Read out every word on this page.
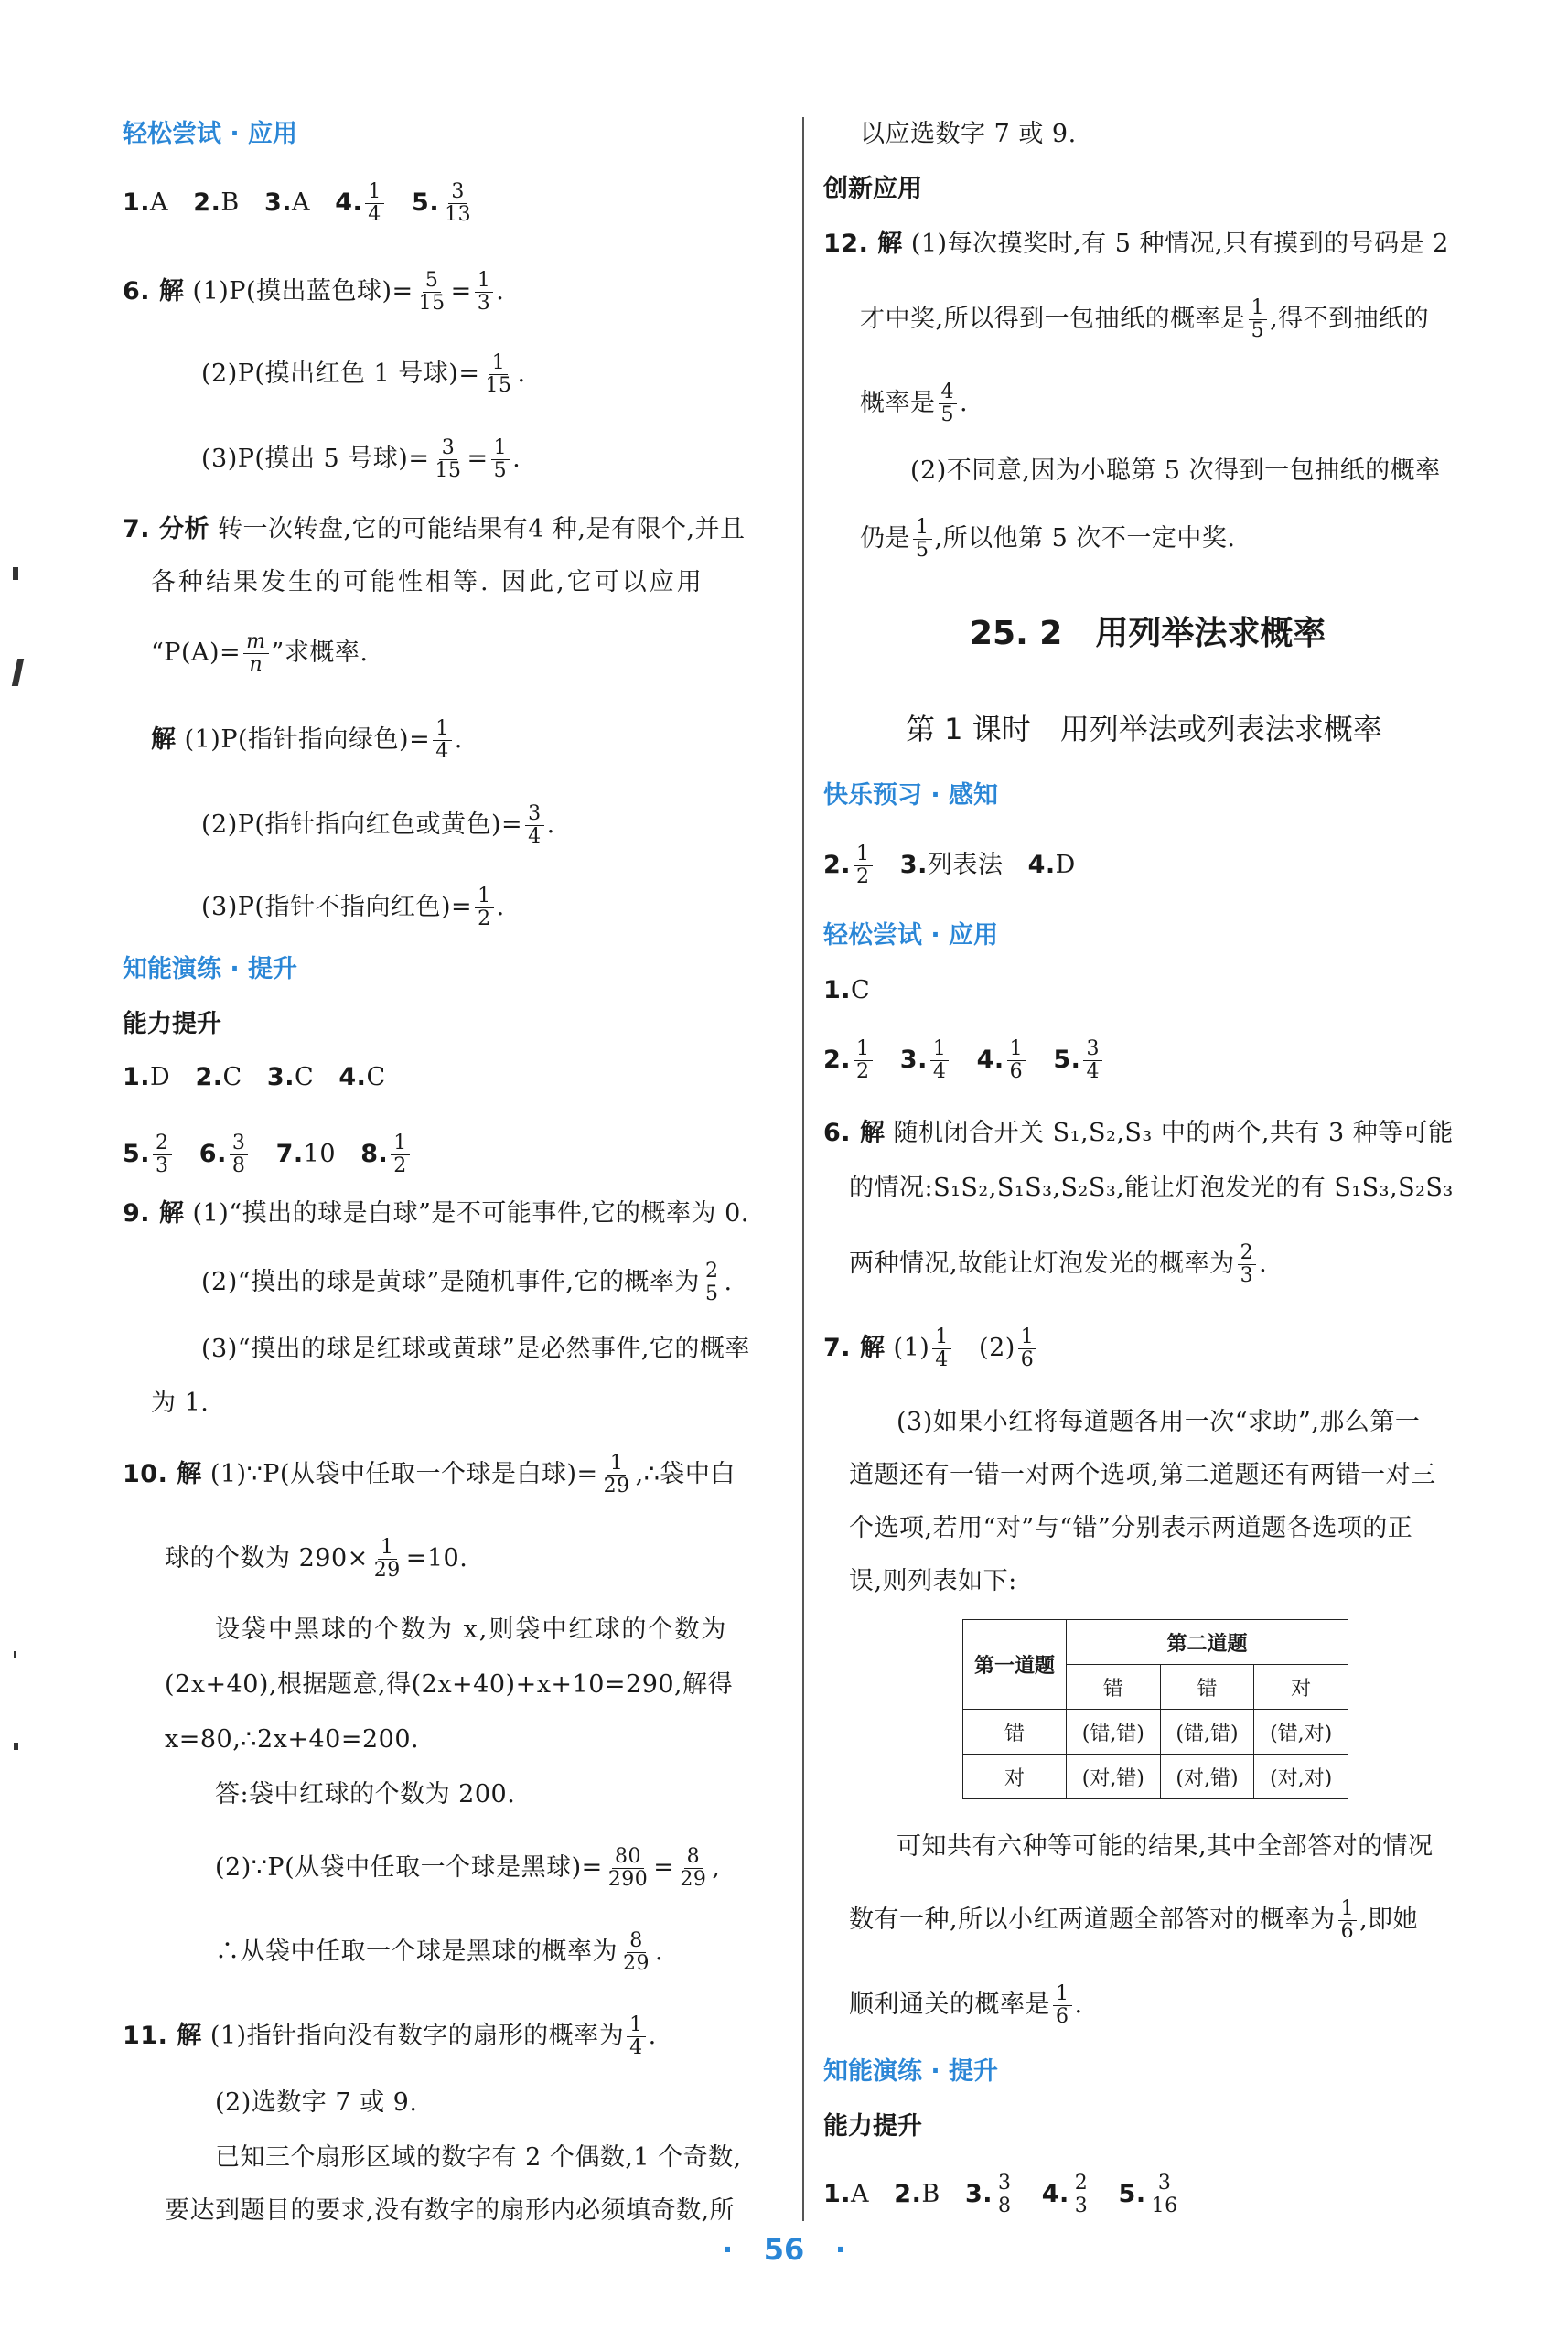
轻松尝试 · 应用
1.A 2.B 3.A 4. $\frac{1}{4} 5$. $\frac{3}{13}$
6. 解 (1)P(摸出蓝色球)= $\frac{5}{15} = \frac{1}{3}$ .
(2)P(摸出红色 1 号球)= $\frac{1}{15}$ .
(3)P(摸出 5 号球)= $\frac{3}{15} = \frac{1}{5}$ .
7. 分析 转一次转盘,它的可能结果有4 种,是有限个,并且
各种结果发生的可能性相等. 因此,它可以应用
“$P(A)= \frac{m}{n}$ ”求概率.
解 (1)P(指针指向绿色)= $\frac{1}{4}$ .
(2)P(指针指向红色或黄色)= $\frac{3}{4}$ .
(3)P(指针不指向红色)= $\frac{1}{2}$ .
知能演练 · 提升
能力提升
1.D 2.C 3.C 4.C
5. $\frac{2}{3} 6$. $\frac{3}{8} 7.10$ 8. $\frac{1}{2}$
9. 解 (1)“摸出的球是白球”是不可能事件,它的概率为 0.
(2)“摸出的球是黄球”是随机事件,它的概率为 $\frac{2}{5}$ .
(3)“摸出的球是红球或黄球”是必然事件,它的概率
为 1.
10. 解 (1)∵P(从袋中任取一个球是白球)= $\frac{1}{29}$ ,∴袋中白
球的个数为 $290\times \frac{1}{29} =10$.
设袋中黑球的个数为 x,则袋中红球的个数为
(2x+40),根据题意,得(2x+40)+x+10=290,解得
x=80,∴2x+40=200.
答:袋中红球的个数为 200.
(2)∵P(从袋中任取一个球是黑球)= $\frac{80}{290} = \frac{8}{29}$ ,
∴从袋中任取一个球是黑球的概率为 $\frac{8}{29}$ .
11. 解 (1)指针指向没有数字的扇形的概率为 $\frac{1}{4}$ .
(2)选数字 7 或 9.
已知三个扇形区域的数字有 2 个偶数,1 个奇数,
要达到题目的要求,没有数字的扇形内必须填奇数,所
以应选数字 7 或 9.
创新应用
12. 解 (1)每次摸奖时,有 5 种情况,只有摸到的号码是 2
才中奖,所以得到一包抽纸的概率是 $\frac{1}{5}$ ,得不到抽纸的
概率是 $\frac{4}{5}$ .
(2)不同意,因为小聪第 5 次得到一包抽纸的概率
仍是 $\frac{1}{5}$ ,所以他第 5 次不一定中奖.
25. 2　用列举法求概率
第 1 课时　用列举法或列表法求概率
快乐预习 · 感知
2. $\frac{1}{2} 3$.列表法 4.D
轻松尝试 · 应用
1.C
2. $\frac{1}{2} 3$. $\frac{1}{4} 4$. $\frac{1}{6} 5$. $\frac{3}{4}$
6. 解 随机闭合开关 S₁,S₂,S₃ 中的两个,共有 3 种等可能
的情况:S₁S₂,S₁S₃,S₂S₃,能让灯泡发光的有 S₁S₃,S₂S₃
两种情况,故能让灯泡发光的概率为 $\frac{2}{3}$ .
7. 解 $(1) \frac{1}{4} (2) \frac{1}{6}$
(3)如果小红将每道题各用一次“求助”,那么第一
道题还有一错一对两个选项,第二道题还有两错一对三
个选项,若用“对”与“错”分别表示两道题各选项的正
误,则列表如下:
第一道题	第二道题		
	错	错	对
错	(错,错)	(错,错)	(错,对)
对	(对,错)	(对,错)	(对,对)
可知共有六种等可能的结果,其中全部答对的情况
数有一种,所以小红两道题全部答对的概率为 $\frac{1}{6}$ ,即她
顺利通关的概率是 $\frac{1}{6}$ .
知能演练 · 提升
能力提升
1.A 2.B 3. $\frac{3}{8} 4$. $\frac{2}{3} 5$. $\frac{3}{16}$
· 56 ·
